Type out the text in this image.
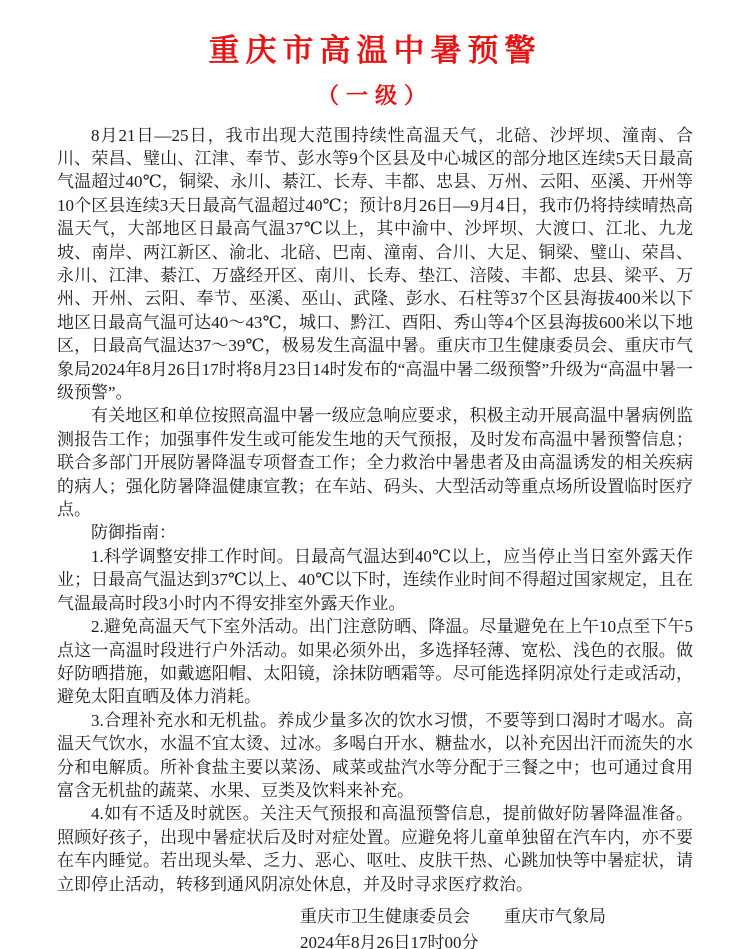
重庆市高温中暑预警
（一级）

8月21日—25日，我市出现大范围持续性高温天气，北碚、沙坪坝、潼南、合川、荣昌、璧山、江津、奉节、彭水等9个区县及中心城区的部分地区连续5天日最高气温超过40℃，铜梁、永川、綦江、长寿、丰都、忠县、万州、云阳、巫溪、开州等10个区县连续3天日最高气温超过40℃；预计8月26日—9月4日，我市仍将持续晴热高温天气，大部地区日最高气温37℃以上，其中渝中、沙坪坝、大渡口、江北、九龙坡、南岸、两江新区、渝北、北碚、巴南、潼南、合川、大足、铜梁、璧山、荣昌、永川、江津、綦江、万盛经开区、南川、长寿、垫江、涪陵、丰都、忠县、梁平、万州、开州、云阳、奉节、巫溪、巫山、武隆、彭水、石柱等37个区县海拔400米以下地区日最高气温可达40～43℃，城口、黔江、酉阳、秀山等4个区县海拔600米以下地区，日最高气温达37～39℃，极易发生高温中暑。重庆市卫生健康委员会、重庆市气象局2024年8月26日17时将8月23日14时发布的“高温中暑二级预警”升级为“高温中暑一级预警”。

有关地区和单位按照高温中暑一级应急响应要求，积极主动开展高温中暑病例监测报告工作；加强事件发生或可能发生地的天气预报，及时发布高温中暑预警信息；联合多部门开展防暑降温专项督查工作；全力救治中暑患者及由高温诱发的相关疾病的病人；强化防暑降温健康宣教；在车站、码头、大型活动等重点场所设置临时医疗点。

防御指南：

1.科学调整安排工作时间。日最高气温达到40℃以上，应当停止当日室外露天作业；日最高气温达到37℃以上、40℃以下时，连续作业时间不得超过国家规定，且在气温最高时段3小时内不得安排室外露天作业。

2.避免高温天气下室外活动。出门注意防晒、降温。尽量避免在上午10点至下午5点这一高温时段进行户外活动。如果必须外出，多选择轻薄、宽松、浅色的衣服。做好防晒措施，如戴遮阳帽、太阳镜，涂抹防晒霜等。尽可能选择阴凉处行走或活动，避免太阳直晒及体力消耗。

3.合理补充水和无机盐。养成少量多次的饮水习惯，不要等到口渴时才喝水。高温天气饮水，水温不宜太烫、过冰。多喝白开水、糖盐水，以补充因出汗而流失的水分和电解质。所补食盐主要以菜汤、咸菜或盐汽水等分配于三餐之中；也可通过食用富含无机盐的蔬菜、水果、豆类及饮料来补充。

4.如有不适及时就医。关注天气预报和高温预警信息，提前做好防暑降温准备。照顾好孩子，出现中暑症状后及时对症处置。应避免将儿童单独留在汽车内，亦不要在车内睡觉。若出现头晕、乏力、恶心、呕吐、皮肤干热、心跳加快等中暑症状，请立即停止活动，转移到通风阴凉处休息，并及时寻求医疗救治。

重庆市卫生健康委员会 重庆市气象局
2024年8月26日17时00分
